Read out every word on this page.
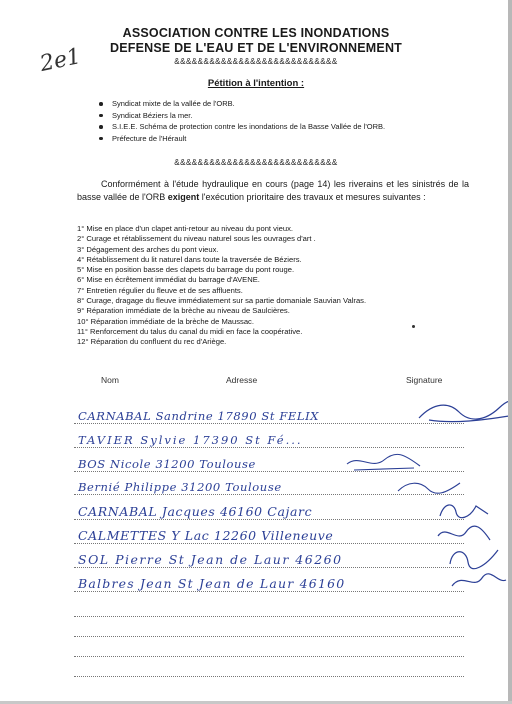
2e1
ASSOCIATION CONTRE LES INONDATIONS
DEFENSE DE L'EAU ET DE L'ENVIRONNEMENT
&&&&&&&&&&&&&&&&&&&&&&&&&&&&
Pétition à l'intention :
Syndicat mixte de la vallée de l'ORB.
Syndicat Béziers la mer.
S.I.E.E. Schéma de protection contre les inondations de la Basse Vallée de l'ORB.
Préfecture de l'Hérault
&&&&&&&&&&&&&&&&&&&&&&&&&&&&
Conformément à l'étude hydraulique en cours (page 14) les riverains et les sinistrés de la basse vallée de l'ORB exigent l'exécution prioritaire des travaux et mesures suivantes :
1° Mise en place d'un clapet anti-retour au niveau du pont vieux.
2° Curage et rétablissement du niveau naturel sous les ouvrages d'art .
3° Dégagement des arches du pont vieux.
4° Rétablissement du lit naturel dans toute la traversée de Béziers.
5° Mise en position basse des clapets du barrage du pont rouge.
6° Mise en écrêtement immédiat du barrage d'AVENE.
7° Entretien régulier du fleuve et de ses affluents.
8° Curage, dragage du fleuve immédiatement sur sa partie domaniale Sauvian Valras.
9° Réparation immédiate de la brèche au niveau de Saulcières.
10° Réparation immédiate de la brèche de Maussac.
11° Renforcement du talus du canal du midi en face la coopérative.
12° Réparation du confluent du rec d'Ariège.
Nom	Adresse	Signature
CARNABAL Sandrine 17890 St FELIX
TAVIER Sylvie 17390 St Fé...
BOS Nicole 31200 Toulouse
Bernié Philippe 31200 Toulouse
CARNABAL Jacques 46160 Cajarc
CALMETTES Y Lac 12260 Villeneuve
SOL Pierre St Jean de Laur 46260
Balbres Jean St Jean de Laur 46160
